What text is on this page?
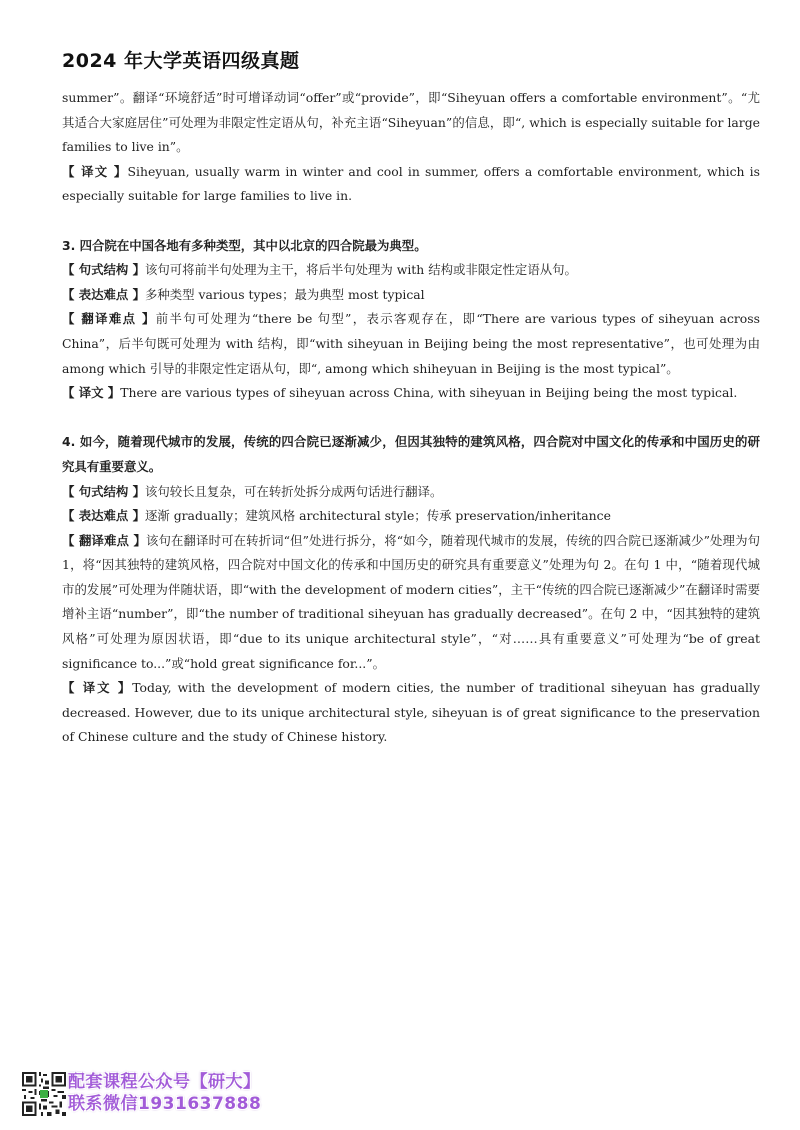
2024 年大学英语四级真题

summer”。翻译“环境舒适”时可增译动词“offer”或“provide”，即“Siheyuan offers a comfortable environment”。“尤其适合大家庭居住”可处理为非限定性定语从句，补充主语“Siheyuan”的信息，即“, which is especially suitable for large families to live in”。

【 译文 】Siheyuan, usually warm in winter and cool in summer, offers a comfortable environment, which is especially suitable for large families to live in.

3. 四合院在中国各地有多种类型，其中以北京的四合院最为典型。

【 句式结构 】该句可将前半句处理为主干，将后半句处理为 with 结构或非限定性定语从句。

【 表达难点 】多种类型 various types；最为典型 most typical

【 翻译难点 】前半句可处理为“there be 句型”，表示客观存在，即“There are various types of siheyuan across China”，后半句既可处理为 with 结构，即“with siheyuan in Beijing being the most representative”，也可处理为由 among which 引导的非限定性定语从句，即“, among which shiheyuan in Beijing is the most typical”。

【 译文 】There are various types of siheyuan across China, with siheyuan in Beijing being the most typical.

4. 如今，随着现代城市的发展，传统的四合院已逐渐减少，但因其独特的建筑风格，四合院对中国文化的传承和中国历史的研究具有重要意义。

【 句式结构 】该句较长且复杂，可在转折处拆分成两句话进行翻译。

【 表达难点 】逐渐 gradually；建筑风格 architectural style；传承 preservation/inheritance

【 翻译难点 】该句在翻译时可在转折词“但”处进行拆分，将“如今，随着现代城市的发展，传统的四合院已逐渐减少”处理为句 1，将“因其独特的建筑风格，四合院对中国文化的传承和中国历史的研究具有重要意义”处理为句 2。在句 1 中，“随着现代城市的发展”可处理为伴随状语，即“with the development of modern cities”，主干“传统的四合院已逐渐减少”在翻译时需要增补主语“number”，即“the number of traditional siheyuan has gradually decreased”。在句 2 中，“因其独特的建筑风格”可处理为原因状语，即“due to its unique architectural style”，“对……具有重要意义”可处理为“be of great significance to...”或“hold great significance for...”。

【 译文 】Today, with the development of modern cities, the number of traditional siheyuan has gradually decreased. However, due to its unique architectural style, siheyuan is of great significance to the preservation of Chinese culture and the study of Chinese history.

配套课程公众号【研大】
联系微信1931637888
